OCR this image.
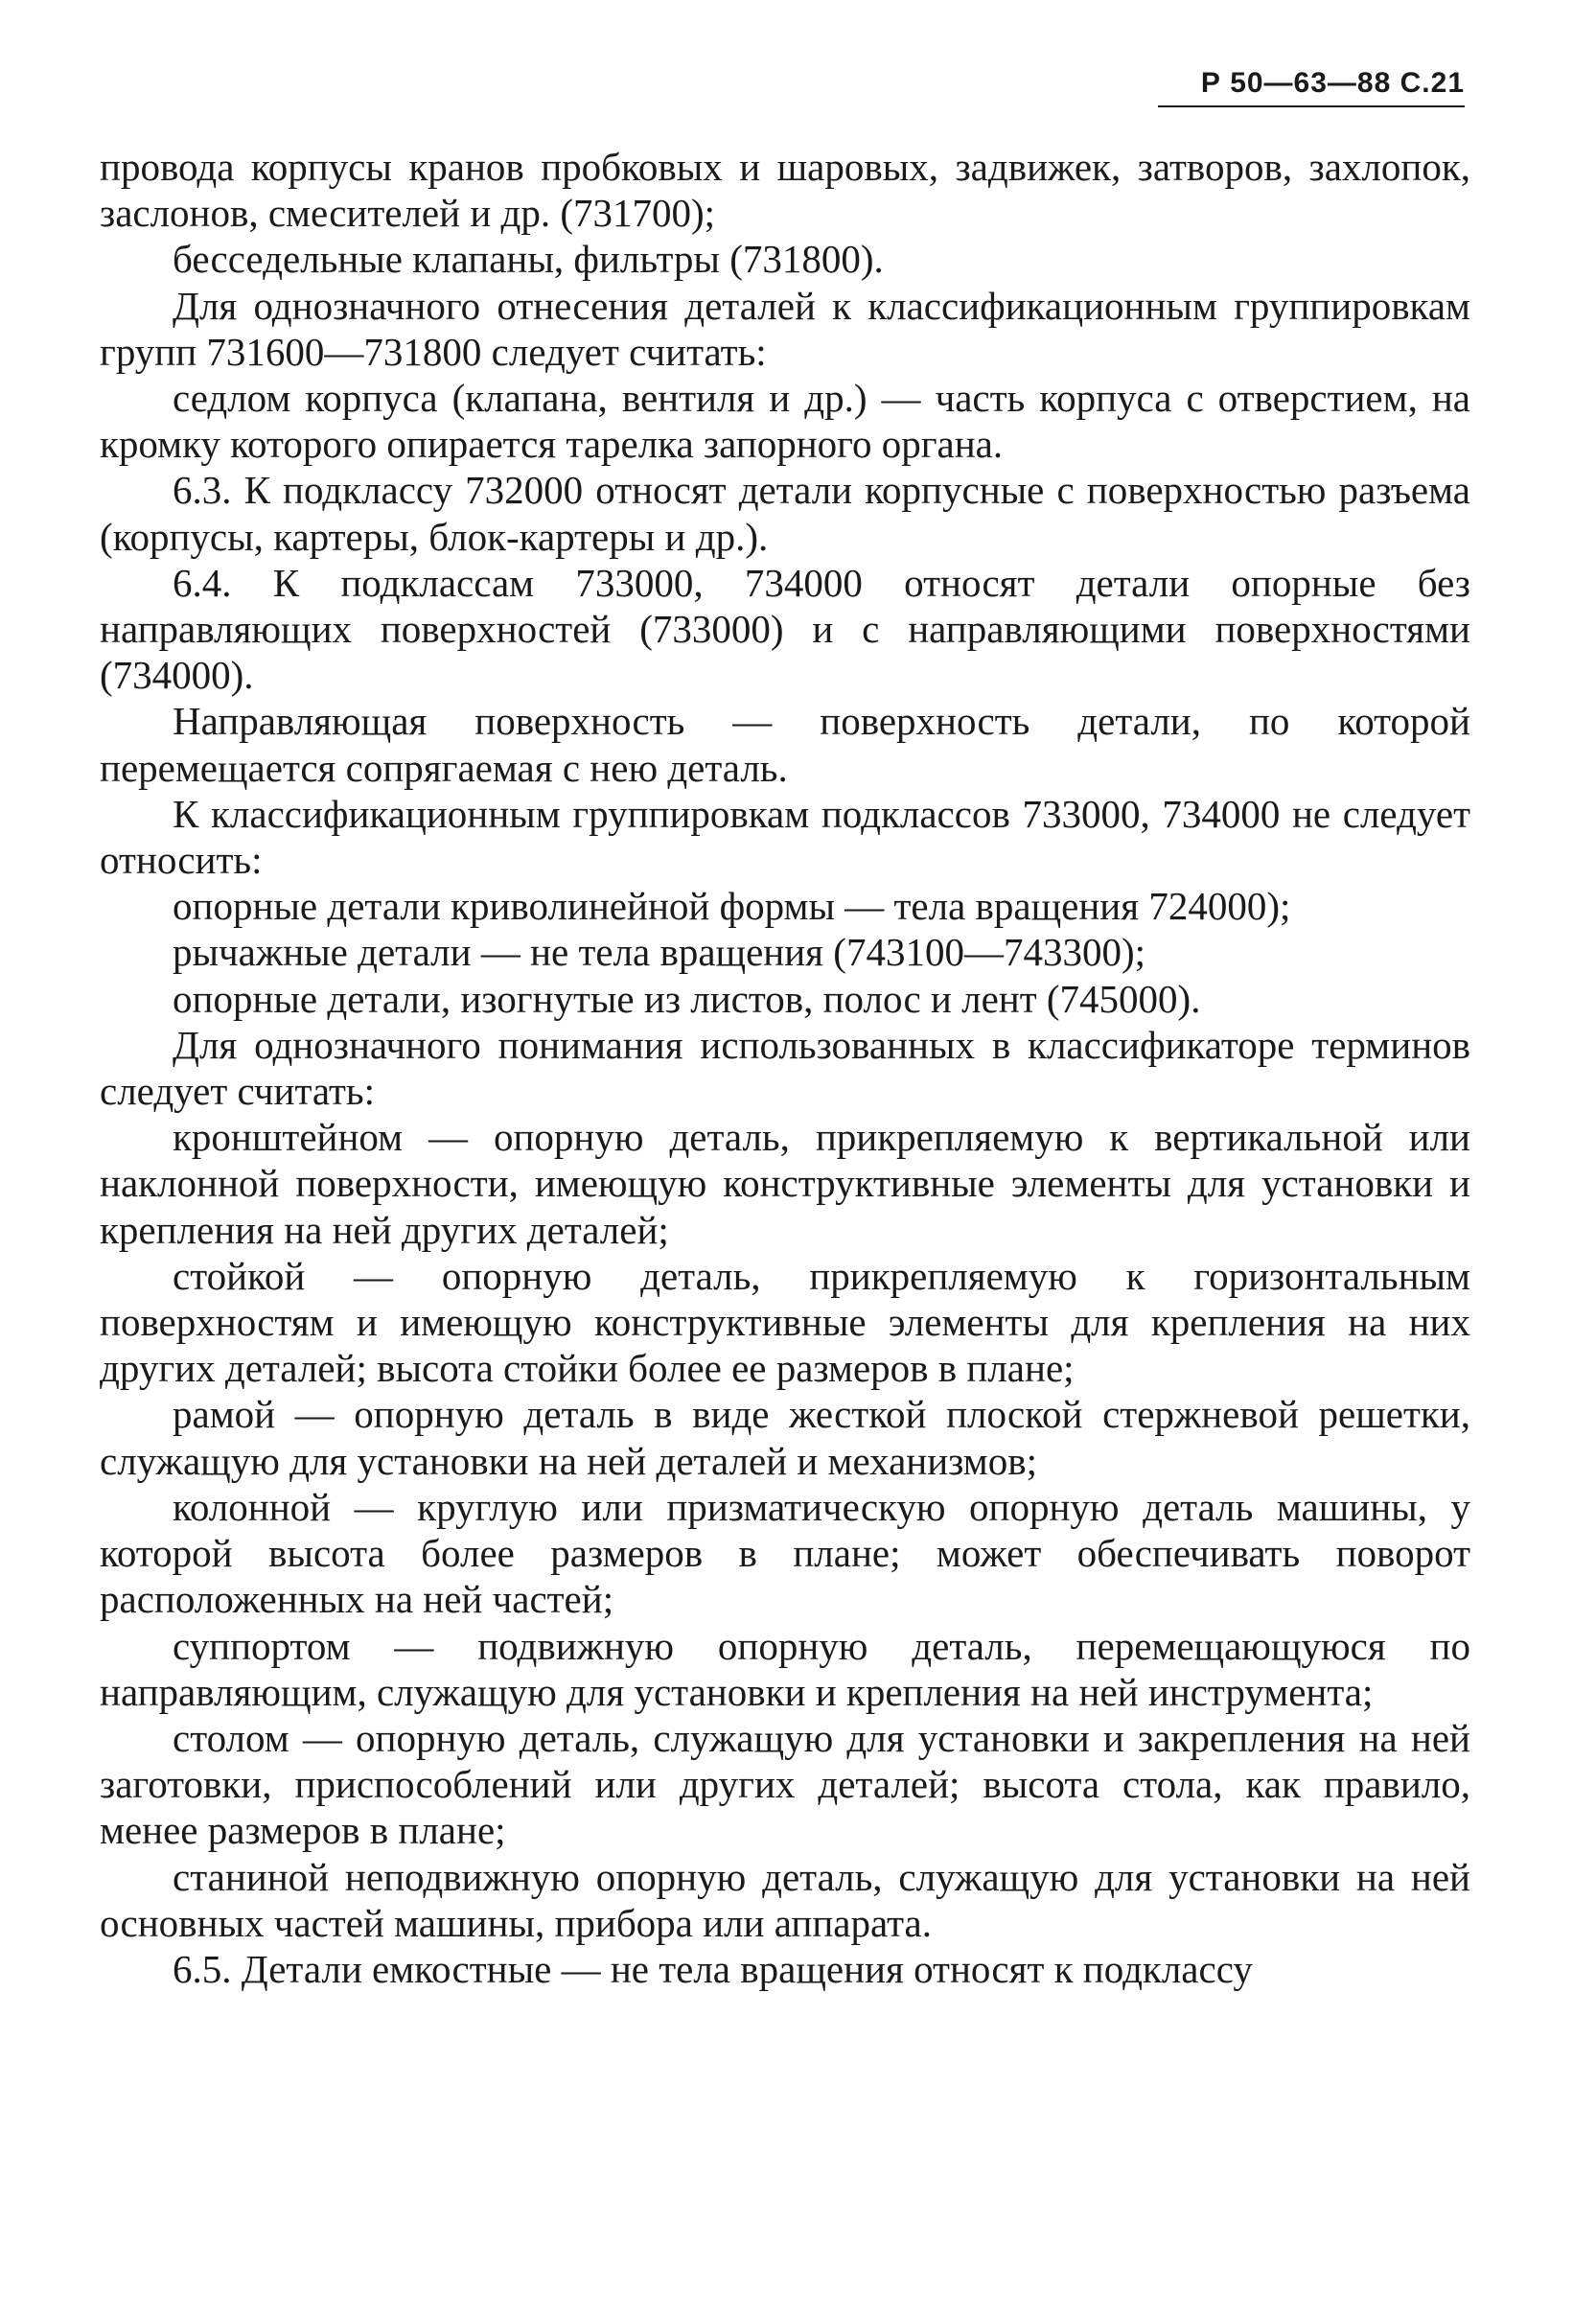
Р 50—63—88 С.21

провода корпусы кранов пробковых и шаровых, задвижек, затворов, захлопок, заслонов, смесителей и др. (731700);

бесседельные клапаны, фильтры (731800).

Для однозначного отнесения деталей к классификационным группировкам групп 731600—731800 следует считать:

седлом корпуса (клапана, вентиля и др.) — часть корпуса с отверстием, на кромку которого опирается тарелка запорного органа.

6.3. К подклассу 732000 относят детали корпусные с поверхностью разъема (корпусы, картеры, блок-картеры и др.).

6.4. К подклассам 733000, 734000 относят детали опорные без направляющих поверхностей (733000) и с направляющими поверхностями (734000).

Направляющая поверхность — поверхность детали, по которой перемещается сопрягаемая с нею деталь.

К классификационным группировкам подклассов 733000, 734000 не следует относить:

опорные детали криволинейной формы — тела вращения 724000);

рычажные детали — не тела вращения (743100—743300);

опорные детали, изогнутые из листов, полос и лент (745000).

Для однозначного понимания использованных в классификаторе терминов следует считать:

кронштейном — опорную деталь, прикрепляемую к вертикальной или наклонной поверхности, имеющую конструктивные элементы для установки и крепления на ней других деталей;

стойкой — опорную деталь, прикрепляемую к горизонтальным поверхностям и имеющую конструктивные элементы для крепления на них других деталей; высота стойки более ее размеров в плане;

рамой — опорную деталь в виде жесткой плоской стержневой решетки, служащую для установки на ней деталей и механизмов;

колонной — круглую или призматическую опорную деталь машины, у которой высота более размеров в плане; может обеспечивать поворот расположенных на ней частей;

суппортом — подвижную опорную деталь, перемещающуюся по направляющим, служащую для установки и крепления на ней инструмента;

столом — опорную деталь, служащую для установки и закрепления на ней заготовки, приспособлений или других деталей; высота стола, как правило, менее размеров в плане;

станиной неподвижную опорную деталь, служащую для установки на ней основных частей машины, прибора или аппарата.

6.5. Детали емкостные — не тела вращения относят к подклассу
